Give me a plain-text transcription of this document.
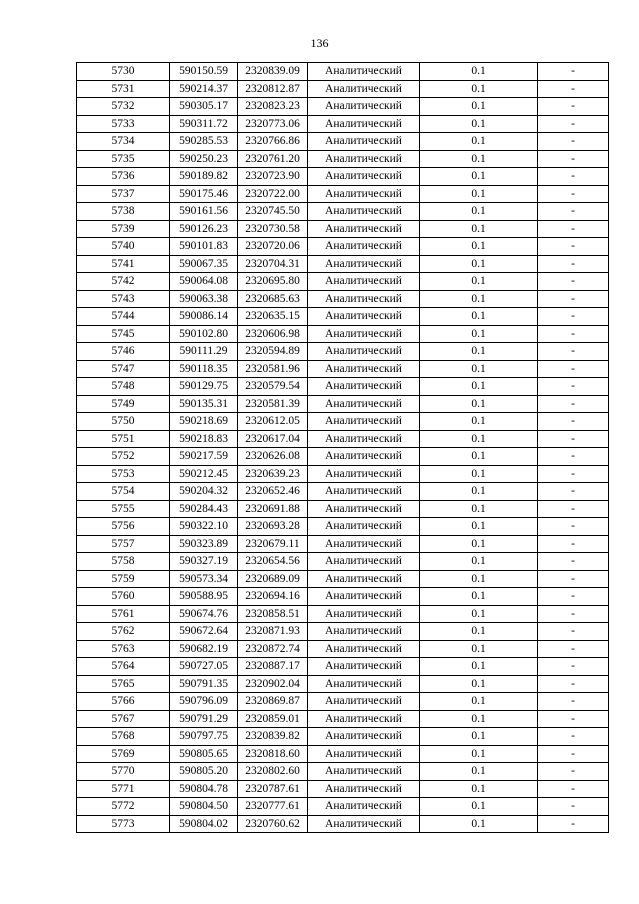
136
5730	590150.59	2320839.09	Аналитический	0.1	-
5731	590214.37	2320812.87	Аналитический	0.1	-
5732	590305.17	2320823.23	Аналитический	0.1	-
5733	590311.72	2320773.06	Аналитический	0.1	-
5734	590285.53	2320766.86	Аналитический	0.1	-
5735	590250.23	2320761.20	Аналитический	0.1	-
5736	590189.82	2320723.90	Аналитический	0.1	-
5737	590175.46	2320722.00	Аналитический	0.1	-
5738	590161.56	2320745.50	Аналитический	0.1	-
5739	590126.23	2320730.58	Аналитический	0.1	-
5740	590101.83	2320720.06	Аналитический	0.1	-
5741	590067.35	2320704.31	Аналитический	0.1	-
5742	590064.08	2320695.80	Аналитический	0.1	-
5743	590063.38	2320685.63	Аналитический	0.1	-
5744	590086.14	2320635.15	Аналитический	0.1	-
5745	590102.80	2320606.98	Аналитический	0.1	-
5746	590111.29	2320594.89	Аналитический	0.1	-
5747	590118.35	2320581.96	Аналитический	0.1	-
5748	590129.75	2320579.54	Аналитический	0.1	-
5749	590135.31	2320581.39	Аналитический	0.1	-
5750	590218.69	2320612.05	Аналитический	0.1	-
5751	590218.83	2320617.04	Аналитический	0.1	-
5752	590217.59	2320626.08	Аналитический	0.1	-
5753	590212.45	2320639.23	Аналитический	0.1	-
5754	590204.32	2320652.46	Аналитический	0.1	-
5755	590284.43	2320691.88	Аналитический	0.1	-
5756	590322.10	2320693.28	Аналитический	0.1	-
5757	590323.89	2320679.11	Аналитический	0.1	-
5758	590327.19	2320654.56	Аналитический	0.1	-
5759	590573.34	2320689.09	Аналитический	0.1	-
5760	590588.95	2320694.16	Аналитический	0.1	-
5761	590674.76	2320858.51	Аналитический	0.1	-
5762	590672.64	2320871.93	Аналитический	0.1	-
5763	590682.19	2320872.74	Аналитический	0.1	-
5764	590727.05	2320887.17	Аналитический	0.1	-
5765	590791.35	2320902.04	Аналитический	0.1	-
5766	590796.09	2320869.87	Аналитический	0.1	-
5767	590791.29	2320859.01	Аналитический	0.1	-
5768	590797.75	2320839.82	Аналитический	0.1	-
5769	590805.65	2320818.60	Аналитический	0.1	-
5770	590805.20	2320802.60	Аналитический	0.1	-
5771	590804.78	2320787.61	Аналитический	0.1	-
5772	590804.50	2320777.61	Аналитический	0.1	-
5773	590804.02	2320760.62	Аналитический	0.1	-
